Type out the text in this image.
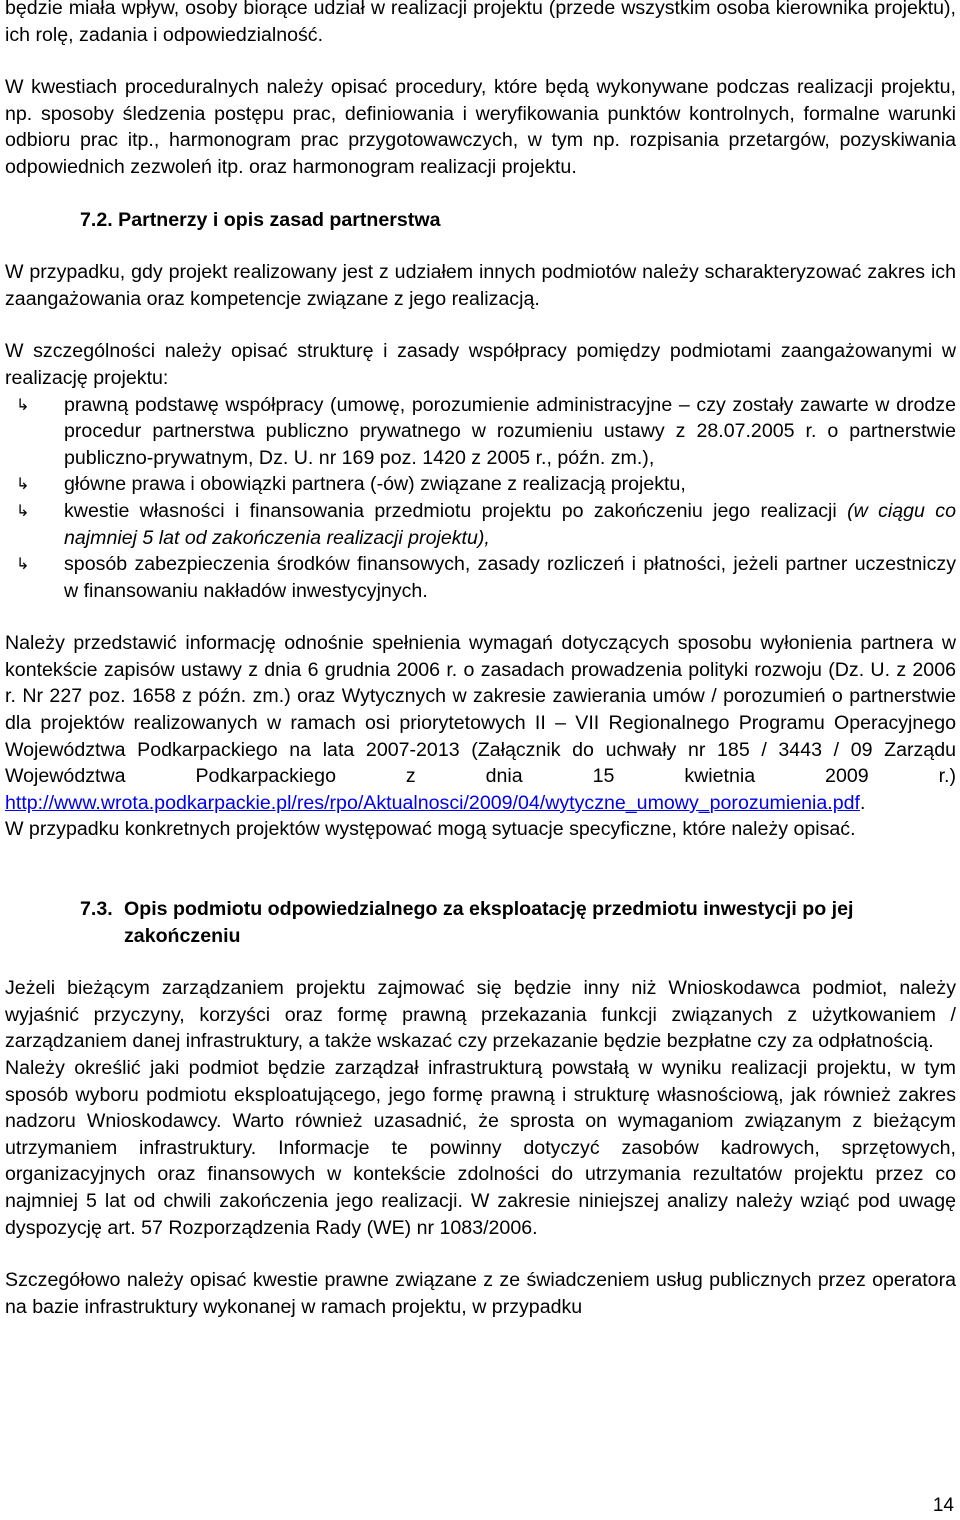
będzie miała wpływ, osoby biorące udział w realizacji projektu (przede wszystkim osoba kierownika projektu), ich rolę, zadania i odpowiedzialność.

W kwestiach proceduralnych należy opisać procedury, które będą wykonywane podczas realizacji projektu, np. sposoby śledzenia postępu prac, definiowania i weryfikowania punktów kontrolnych, formalne warunki odbioru prac itp., harmonogram prac przygotowawczych, w tym np. rozpisania przetargów, pozyskiwania odpowiednich zezwoleń itp. oraz harmonogram realizacji projektu.

7.2. Partnerzy i opis zasad partnerstwa

W przypadku, gdy projekt realizowany jest z udziałem innych podmiotów należy scharakteryzować zakres ich zaangażowania oraz kompetencje związane z jego realizacją.

W szczególności należy opisać strukturę i zasady współpracy pomiędzy podmiotami zaangażowanymi w realizację projektu:

↳	prawną podstawę współpracy (umowę, porozumienie administracyjne – czy zostały zawarte w drodze procedur partnerstwa publiczno prywatnego w rozumieniu ustawy z 28.07.2005 r. o partnerstwie publiczno-prywatnym, Dz. U. nr 169 poz. 1420 z 2005 r., późn. zm.),
↳	główne prawa i obowiązki partnera (-ów) związane z realizacją projektu,
↳	kwestie własności i finansowania przedmiotu projektu po zakończeniu jego realizacji (w ciągu co najmniej 5 lat od zakończenia realizacji projektu),
↳	sposób zabezpieczenia środków finansowych, zasady rozliczeń i płatności, jeżeli partner uczestniczy w finansowaniu nakładów inwestycyjnych.

Należy przedstawić informację odnośnie spełnienia wymagań dotyczących sposobu wyłonienia partnera w kontekście zapisów ustawy z dnia 6 grudnia 2006 r. o zasadach prowadzenia polityki rozwoju (Dz. U. z 2006 r. Nr 227 poz. 1658 z późn. zm.) oraz Wytycznych w zakresie zawierania umów / porozumień o partnerstwie dla projektów realizowanych w ramach osi priorytetowych II – VII Regionalnego Programu Operacyjnego Województwa Podkarpackiego na lata 2007-2013 (Załącznik do uchwały nr 185 / 3443 / 09 Zarządu Województwa Podkarpackiego z dnia 15 kwietnia 2009 r.) http://www.wrota.podkarpackie.pl/res/rpo/Aktualnosci/2009/04/wytyczne_umowy_porozumienia.pdf.

W przypadku konkretnych projektów występować mogą sytuacje specyficzne, które należy opisać.

7.3. Opis podmiotu odpowiedzialnego za eksploatację przedmiotu inwestycji po jej zakończeniu

Jeżeli bieżącym zarządzaniem projektu zajmować się będzie inny niż Wnioskodawca podmiot, należy wyjaśnić przyczyny, korzyści oraz formę prawną przekazania funkcji związanych z użytkowaniem / zarządzaniem danej infrastruktury, a także wskazać czy przekazanie będzie bezpłatne czy za odpłatnością.

Należy określić jaki podmiot będzie zarządzał infrastrukturą powstałą w wyniku realizacji projektu, w tym sposób wyboru podmiotu eksploatującego, jego formę prawną i strukturę własnościową, jak również zakres nadzoru Wnioskodawcy. Warto również uzasadnić, że sprosta on wymaganiom związanym z bieżącym utrzymaniem infrastruktury. Informacje te powinny dotyczyć zasobów kadrowych, sprzętowych, organizacyjnych oraz finansowych w kontekście zdolności do utrzymania rezultatów projektu przez co najmniej 5 lat od chwili zakończenia jego realizacji. W zakresie niniejszej analizy należy wziąć pod uwagę dyspozycję art. 57 Rozporządzenia Rady (WE) nr 1083/2006.

Szczegółowo należy opisać kwestie prawne związane z ze świadczeniem usług publicznych przez operatora na bazie infrastruktury wykonanej w ramach projektu, w przypadku

14
